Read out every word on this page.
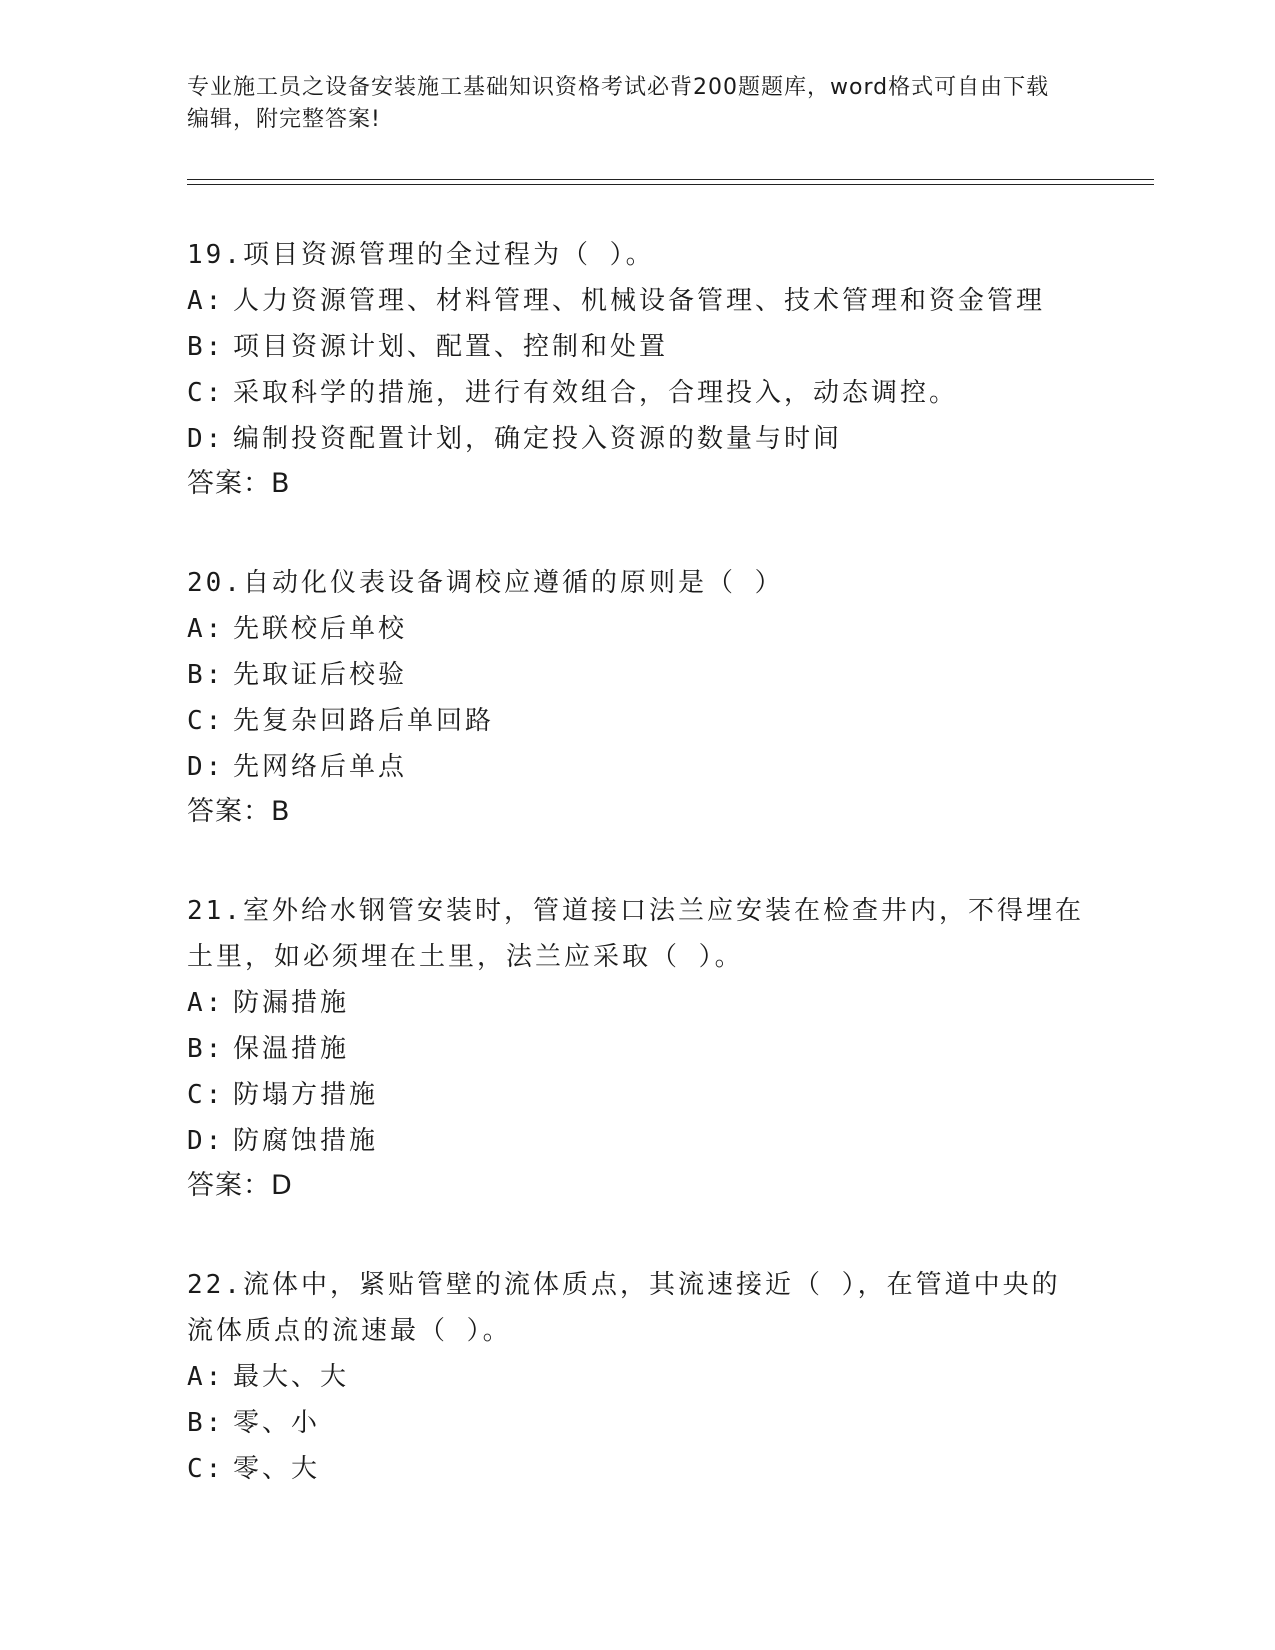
专业施工员之设备安装施工基础知识资格考试必背200题题库，word格式可自由下载编辑，附完整答案!
19.项目资源管理的全过程为（ ）。
A: 人力资源管理、材料管理、机械设备管理、技术管理和资金管理
B: 项目资源计划、配置、控制和处置
C: 采取科学的措施，进行有效组合，合理投入，动态调控。
D: 编制投资配置计划，确定投入资源的数量与时间
答案：B
20.自动化仪表设备调校应遵循的原则是（ ）
A: 先联校后单校
B: 先取证后校验
C: 先复杂回路后单回路
D: 先网络后单点
答案：B
21.室外给水钢管安装时，管道接口法兰应安装在检查井内，不得埋在土里，如必须埋在土里，法兰应采取（ ）。
A: 防漏措施
B: 保温措施
C: 防塌方措施
D: 防腐蚀措施
答案：D
22.流体中，紧贴管壁的流体质点，其流速接近（ ），在管道中央的流体质点的流速最（ ）。
A: 最大、大
B: 零、小
C: 零、大
